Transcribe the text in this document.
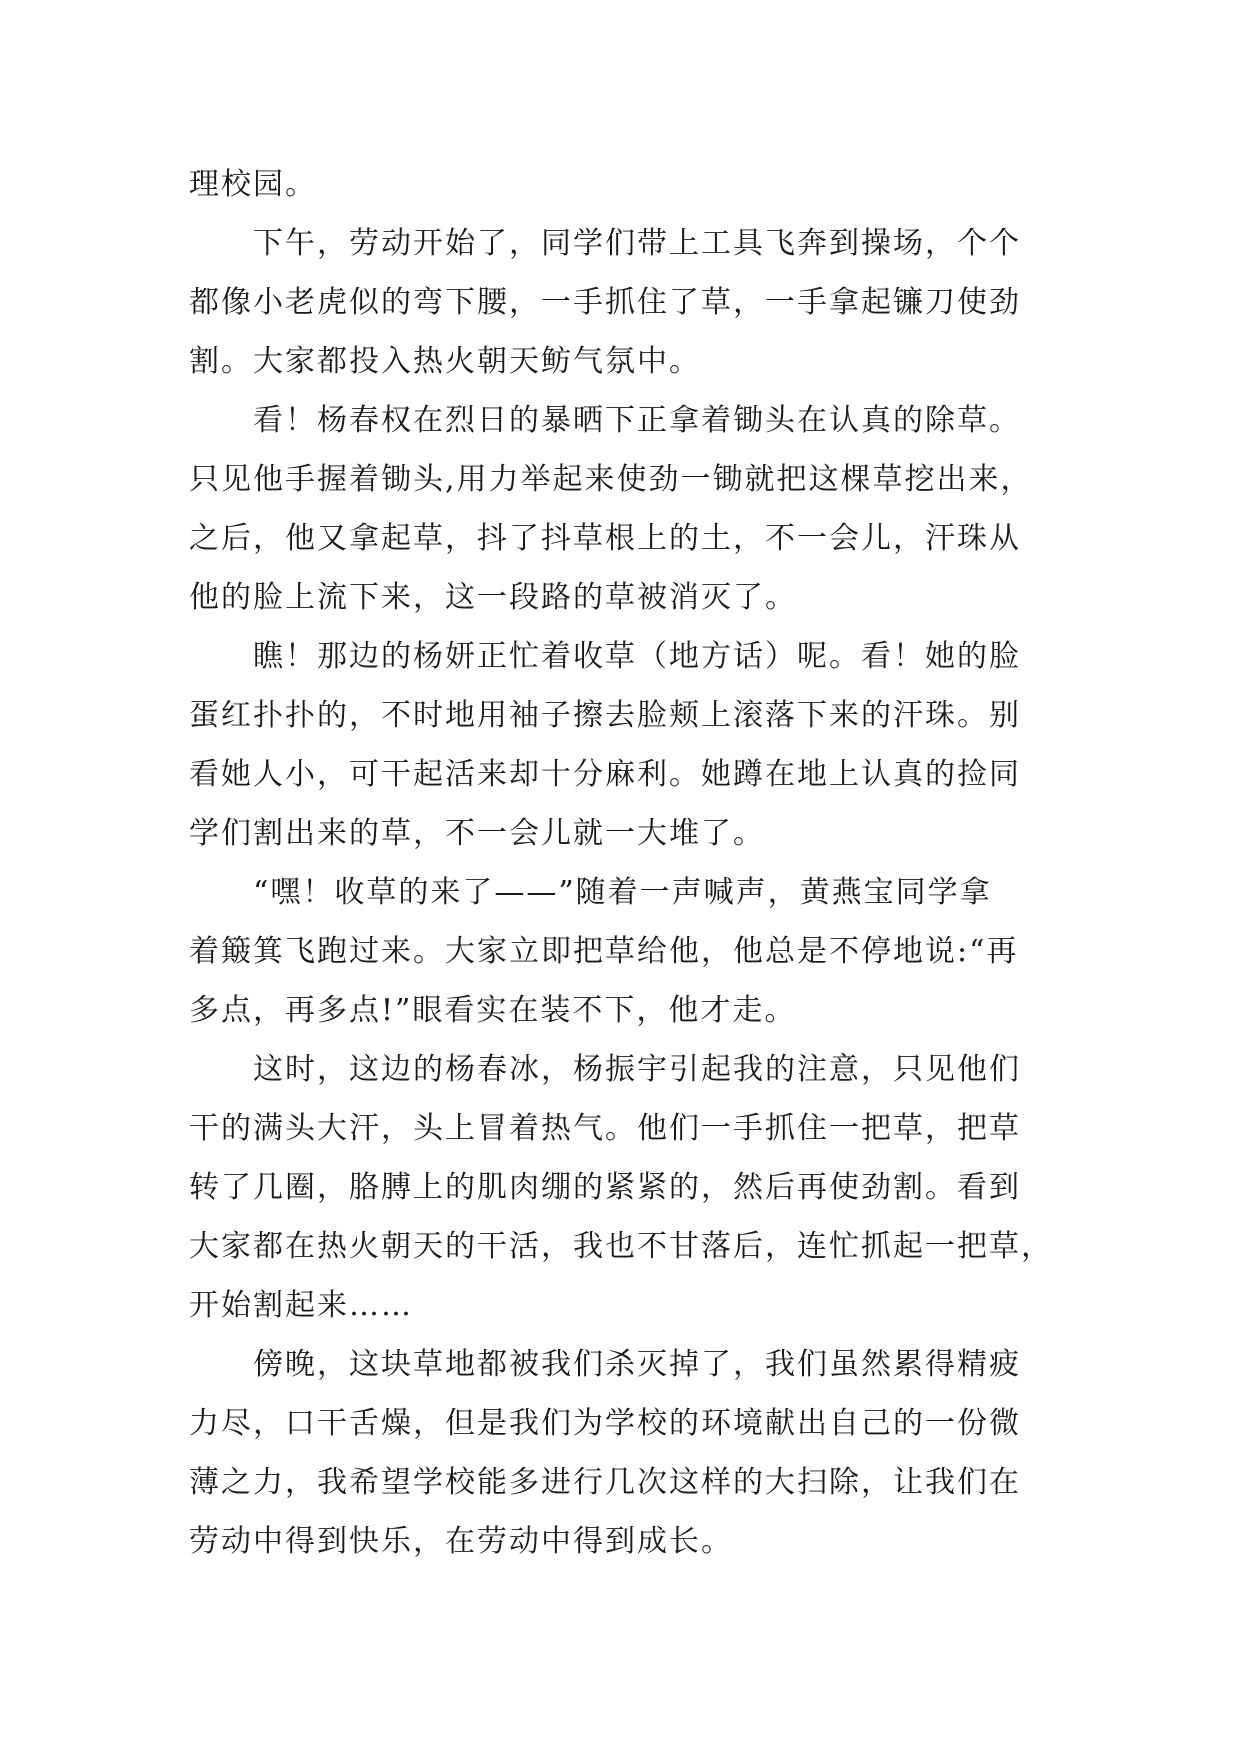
理校园。
下午，劳动开始了，同学们带上工具飞奔到操场，个个
都像小老虎似的弯下腰，一手抓住了草，一手拿起镰刀使劲
割。大家都投入热火朝天鲂气氛中。
看！杨春权在烈日的暴晒下正拿着锄头在认真的除草。
只见他手握着锄头,用力举起来使劲一锄就把这棵草挖出来，
之后，他又拿起草，抖了抖草根上的土，不一会儿，汗珠从
他的脸上流下来，这一段路的草被消灭了。
瞧！那边的杨妍正忙着收草（地方话）呢。看！她的脸
蛋红扑扑的，不时地用袖子擦去脸颊上滚落下来的汗珠。别
看她人小，可干起活来却十分麻利。她蹲在地上认真的捡同
学们割出来的草，不一会儿就一大堆了。
“嘿！收草的来了——”随着一声喊声，黄燕宝同学拿
着簸箕飞跑过来。大家立即把草给他，他总是不停地说:“再
多点，再多点!”眼看实在装不下，他才走。
这时，这边的杨春冰，杨振宇引起我的注意，只见他们
干的满头大汗，头上冒着热气。他们一手抓住一把草，把草
转了几圈，胳膊上的肌肉绷的紧紧的，然后再使劲割。看到
大家都在热火朝天的干活，我也不甘落后，连忙抓起一把草，
开始割起来……
傍晚，这块草地都被我们杀灭掉了，我们虽然累得精疲
力尽，口干舌燥，但是我们为学校的环境献出自己的一份微
薄之力，我希望学校能多进行几次这样的大扫除，让我们在
劳动中得到快乐，在劳动中得到成长。
